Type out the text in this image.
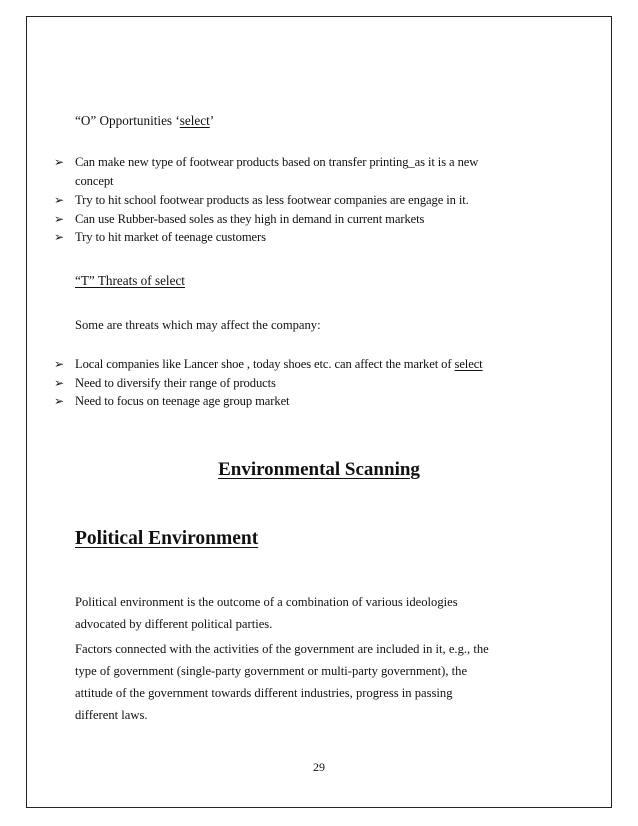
“O” Opportunities ‘select’
➢ Can make new type of footwear products based on transfer printing_as it is a new
concept
➢ Try to hit school footwear products as less footwear companies are engage in it.
➢ Can use Rubber-based soles as they high in demand in current markets
➢ Try to hit market of teenage customers
“T” Threats of select
Some are threats which may affect the company:
➢ Local companies like Lancer shoe , today shoes etc. can affect the market of select
➢ Need to diversify their range of products
➢ Need to focus on teenage age group market
Environmental Scanning
Political Environment
Political environment is the outcome of a combination of various ideologies
advocated by different political parties.
Factors connected with the activities of the government are included in it, e.g., the
type of government (single-party government or multi-party government), the
attitude of the government towards different industries, progress in passing
different laws.
29
